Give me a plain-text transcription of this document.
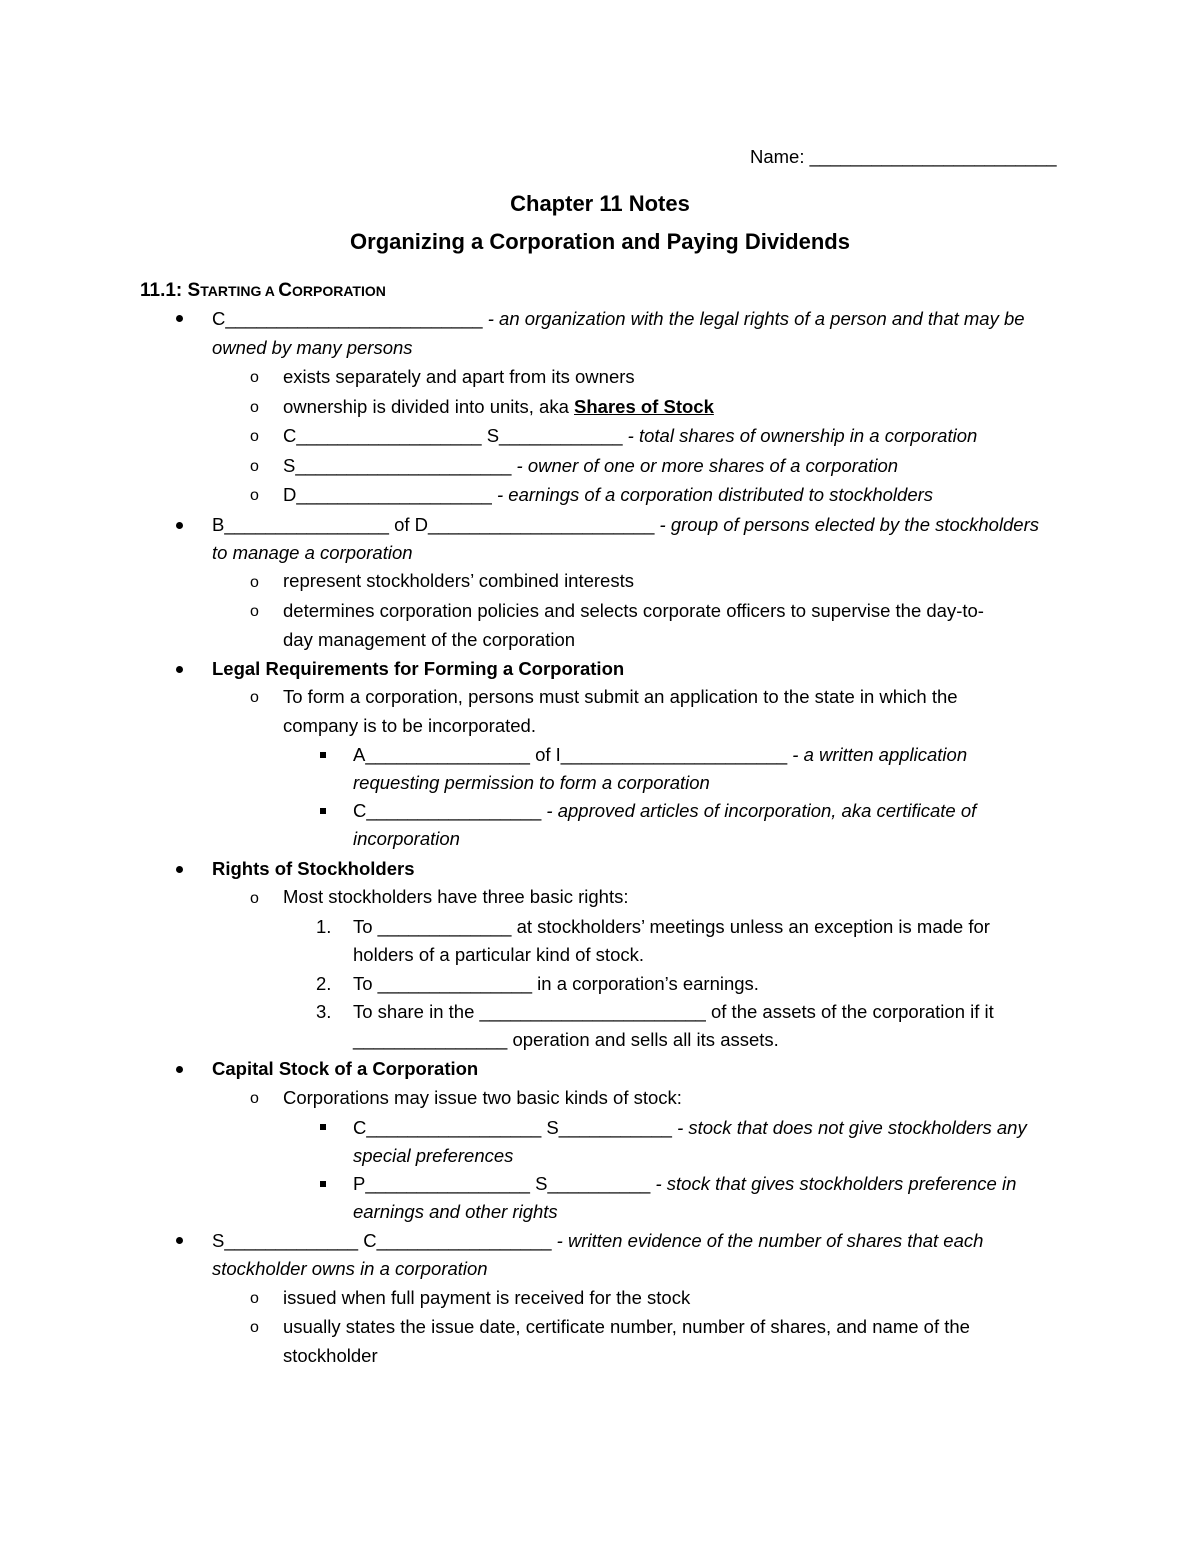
Name: ________________________
Chapter 11 Notes
Organizing a Corporation and Paying Dividends
11.1: STARTING A CORPORATION
C_________________________ - an organization with the legal rights of a person and that may be
owned by many persons
o exists separately and apart from its owners
o ownership is divided into units, aka Shares of Stock
o C__________________ S____________ - total shares of ownership in a corporation
o S_____________________ - owner of one or more shares of a corporation
o D___________________ - earnings of a corporation distributed to stockholders
B________________ of D______________________ - group of persons elected by the stockholders
to manage a corporation
o represent stockholders’ combined interests
o determines corporation policies and selects corporate officers to supervise the day-to-
day management of the corporation
Legal Requirements for Forming a Corporation
o To form a corporation, persons must submit an application to the state in which the
company is to be incorporated.
A________________ of I______________________ - a written application
requesting permission to form a corporation
C_________________ - approved articles of incorporation, aka certificate of
incorporation
Rights of Stockholders
o Most stockholders have three basic rights:
1. To _____________ at stockholders’ meetings unless an exception is made for
holders of a particular kind of stock.
2. To _______________ in a corporation’s earnings.
3. To share in the ______________________ of the assets of the corporation if it
_______________ operation and sells all its assets.
Capital Stock of a Corporation
o Corporations may issue two basic kinds of stock:
C_________________ S___________ - stock that does not give stockholders any
special preferences
P________________ S__________ - stock that gives stockholders preference in
earnings and other rights
S_____________ C_________________ - written evidence of the number of shares that each
stockholder owns in a corporation
o issued when full payment is received for the stock
o usually states the issue date, certificate number, number of shares, and name of the
stockholder
